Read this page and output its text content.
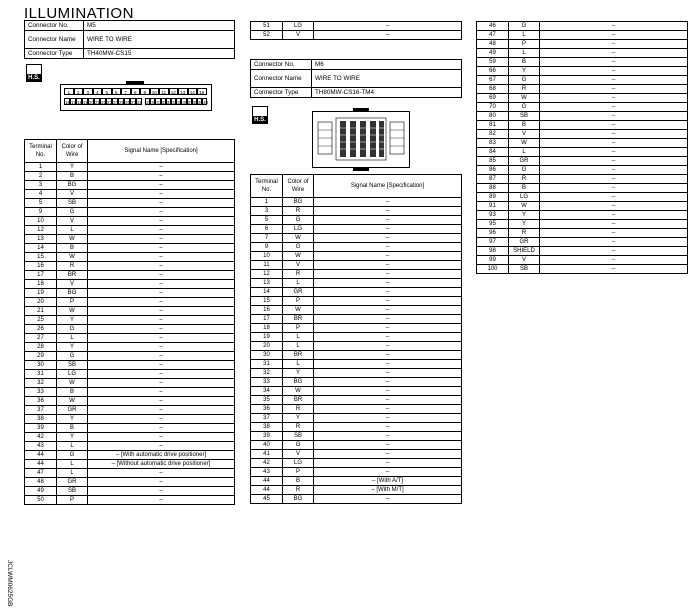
ILLUMINATION
Connector No.	M5
Connector Name	WIRE TO WIRE
Connector Type	TH40MW-CS15
H.S.
1	2	3	4	5	6	7	8	9	10 11 12 13 14 15
16 17 18 19 20 21 22 23 24 25 26 27 28 29 30 31 32 33 34 35 36 37 38 39 40
Terminal No.	Color of Wire	Signal Name [Specification]
1	Y	–
2	B	–
3	BG	–
4	V	–
5	SB	–
9	G	–
10	V	–
12	L	–
13	W	–
14	B	–
15	W	–
16	R	–
17	BR	–
18	V	–
19	BG	–
20	P	–
21	W	–
25	Y	–
26	G	–
27	L	–
28	Y	–
29	G	–
30	SB	–
31	LG	–
32	W	–
33	B	–
36	W	–
37	GR	–
38	Y	–
39	B	–
42	Y	–
43	L	–
44	G	– [With automatic drive positioner]
44	L	– [Without automatic drive positioner]
47	L	–
48	GR	–
49	SB	–
50	P	–
51	LG	–
52	V	–
Connector No.	M6
Connector Name	WIRE TO WIRE
Connector Type	TH80MW-CS16-TM4
H.S.
Terminal No.	Color of Wire	Signal Name [Specification]
1	BG	–
3	R	–
5	G	–
6	LG	–
7	W	–
9	G	–
10	W	–
11	V	–
12	R	–
13	L	–
14	GR	–
15	P	–
16	W	–
17	BR	–
18	P	–
19	L	–
20	L	–
30	BR	–
31	L	–
32	Y	–
33	BG	–
34	W	–
35	BR	–
36	R	–
37	Y	–
38	R	–
39	SB	–
40	G	–
41	V	–
42	LG	–
43	P	–
44	B	– [With A/T]
44	R	– [With M/T]
45	BG	–
46	G	–
47	L	–
48	P	–
49	L	–
59	B	–
66	Y	–
67	G	–
68	R	–
69	W	–
70	G	–
80	SB	–
81	B	–
82	V	–
83	W	–
84	L	–
85	GR	–
86	G	–
87	R	–
88	B	–
89	LG	–
91	W	–
93	Y	–
95	Y	–
96	R	–
97	GR	–
98	SHIELD	–
99	V	–
100	SB	–
JCLWM0625GB
